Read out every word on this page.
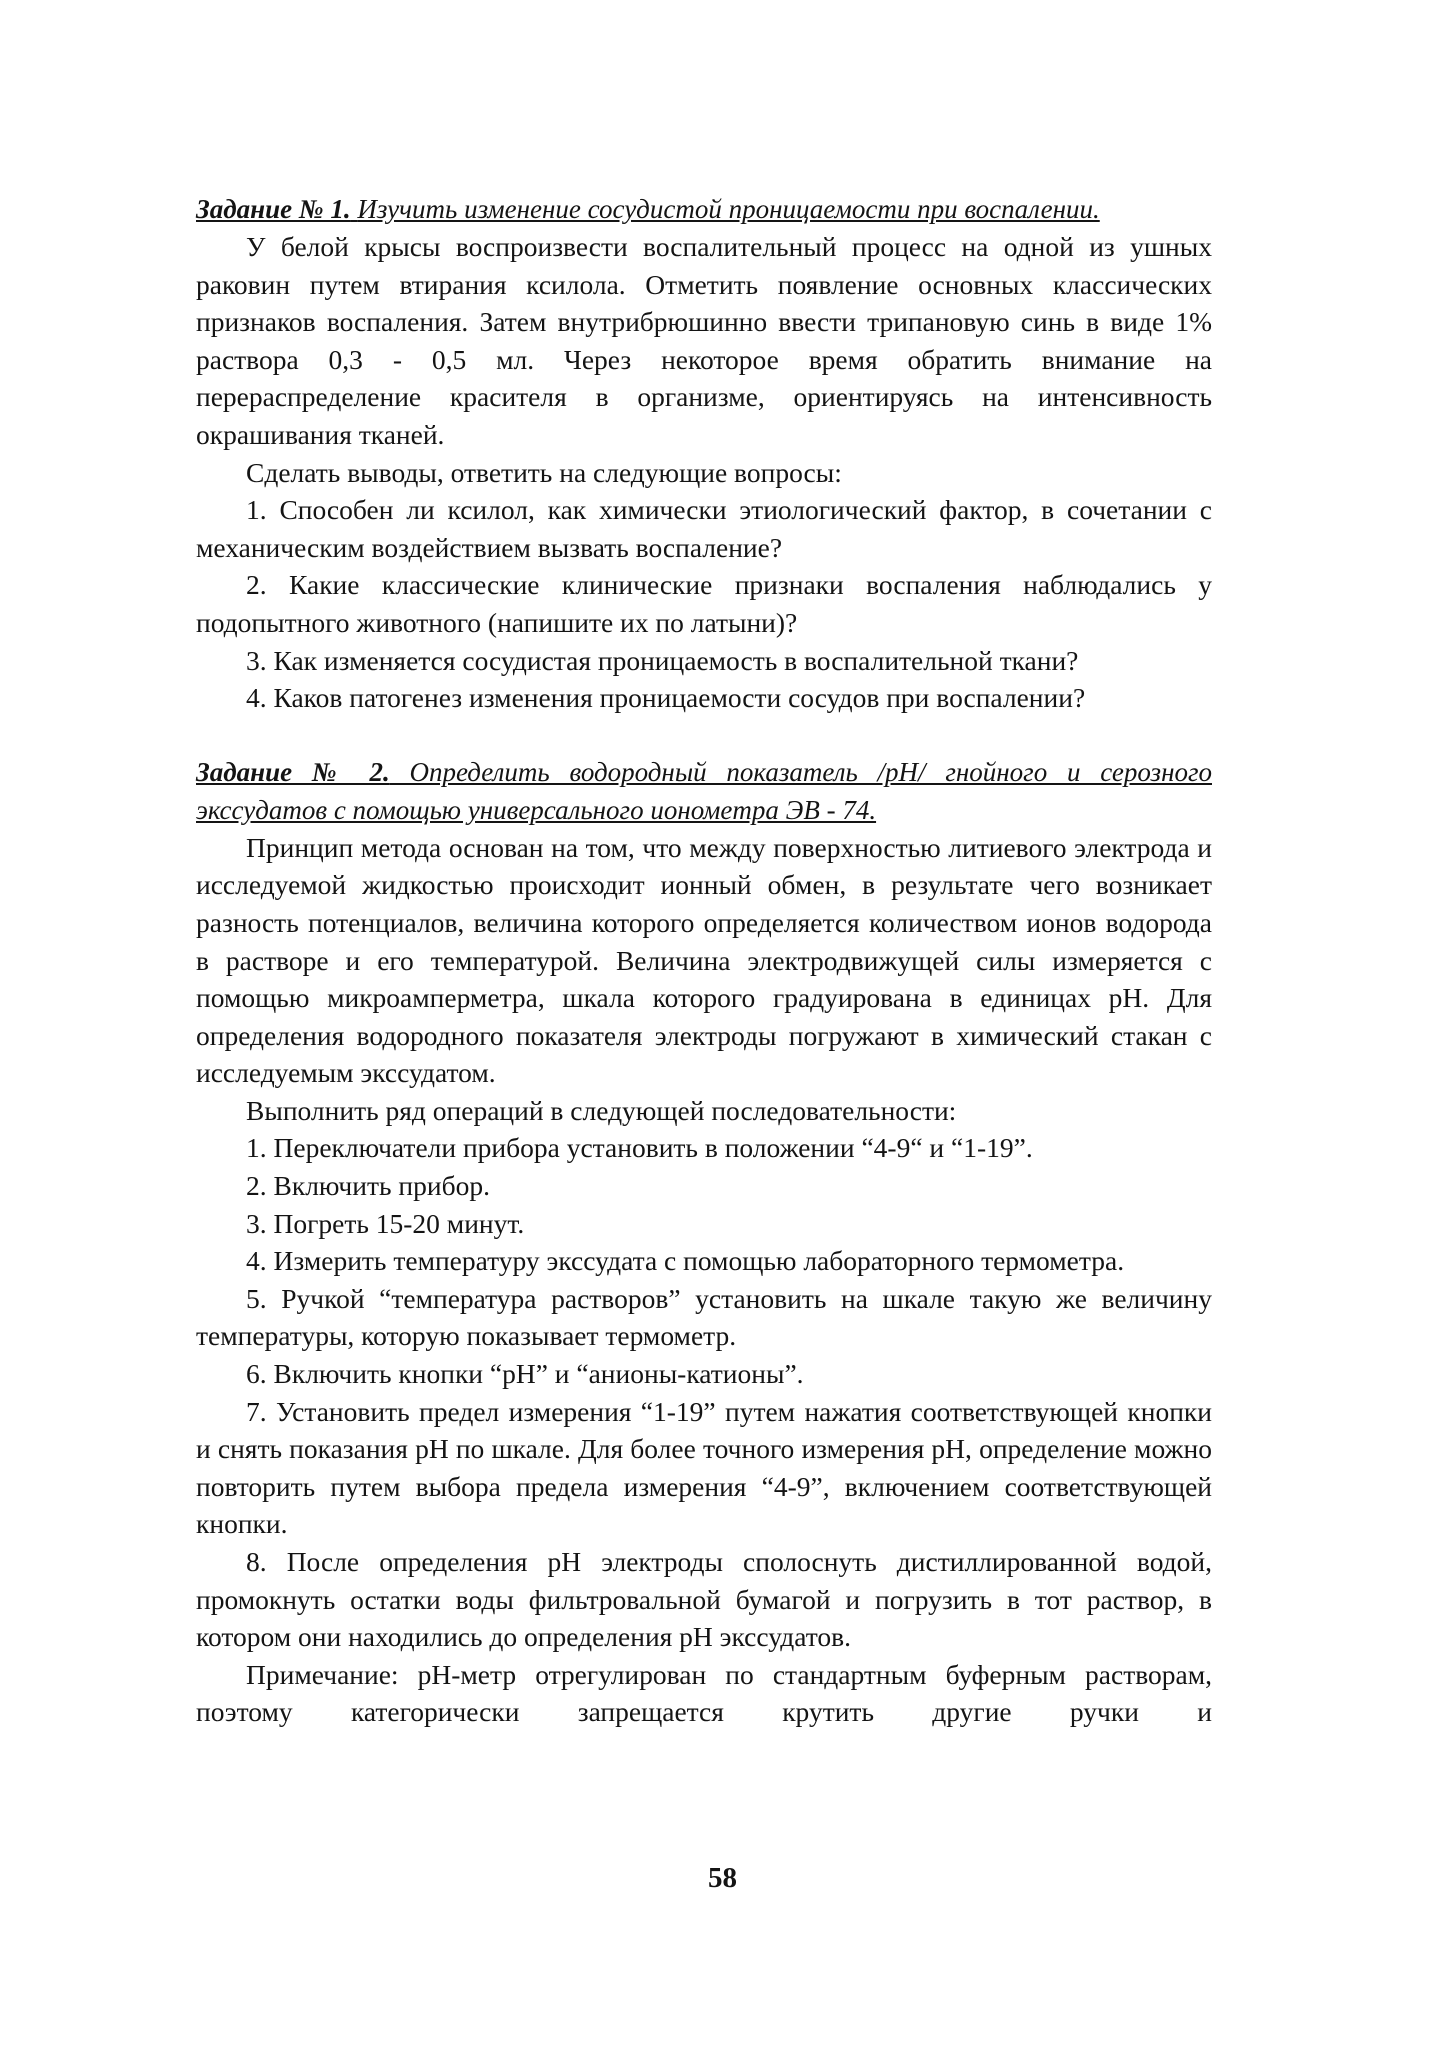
Задание № 1. Изучить изменение сосудистой проницаемости при воспалении.

У белой крысы воспроизвести воспалительный процесс на одной из ушных раковин путем втирания ксилола. Отметить появление основных классических признаков воспаления. Затем внутрибрюшинно ввести трипановую синь в виде 1% раствора 0,3 - 0,5 мл. Через некоторое время обратить внимание на перераспределение красителя в организме, ориентируясь на интенсивность окрашивания тканей.

Сделать выводы, ответить на следующие вопросы:

1. Способен ли ксилол, как химически этиологический фактор, в сочетании с механическим воздействием вызвать воспаление?

2. Какие классические клинические признаки воспаления наблюдались у подопытного животного (напишите их по латыни)?

3. Как изменяется сосудистая проницаемость в воспалительной ткани?

4. Каков патогенез изменения проницаемости сосудов при воспалении?

Задание № 2. Определить водородный показатель /pH/ гнойного и серозного экссудатов с помощью универсального иономeтра ЭВ - 74.

Принцип метода основан на том, что между поверхностью литиевого электрода и исследуемой жидкостью происходит ионный обмен, в результате чего возникает разность потенциалов, величина которого определяется количеством ионов водорода в растворе и его температурой. Величина электродвижущей силы измеряется с помощью микроамперметра, шкала которого градуирована в единицах pH. Для определения водородного показателя электроды погружают в химический стакан с исследуемым экссудатом.

Выполнить ряд операций в следующей последовательности:

1. Переключатели прибора установить в положении “4-9“ и “1-19”.

2. Включить прибор.

3. Погреть 15-20 минут.

4. Измерить температуру экссудата с помощью лабораторного термометра.

5. Ручкой “температура растворов” установить на шкале такую же величину температуры, которую показывает термометр.

6. Включить кнопки “pH” и “анионы-катионы”.

7. Установить предел измерения “1-19” путем нажатия соответствующей кнопки и снять показания pH по шкале. Для более точного измерения pH, определение можно повторить путем выбора предела измерения “4-9”, включением соответствующей кнопки.

8. После определения pH электроды сполоснуть дистиллированной водой, промокнуть остатки воды фильтровальной бумагой и погрузить в тот раствор, в котором они находились до определения pH экссудатов.

Примечание: pH-метр отрегулирован по стандартным буферным растворам, поэтому категорически запрещается крутить другие ручки и

58
